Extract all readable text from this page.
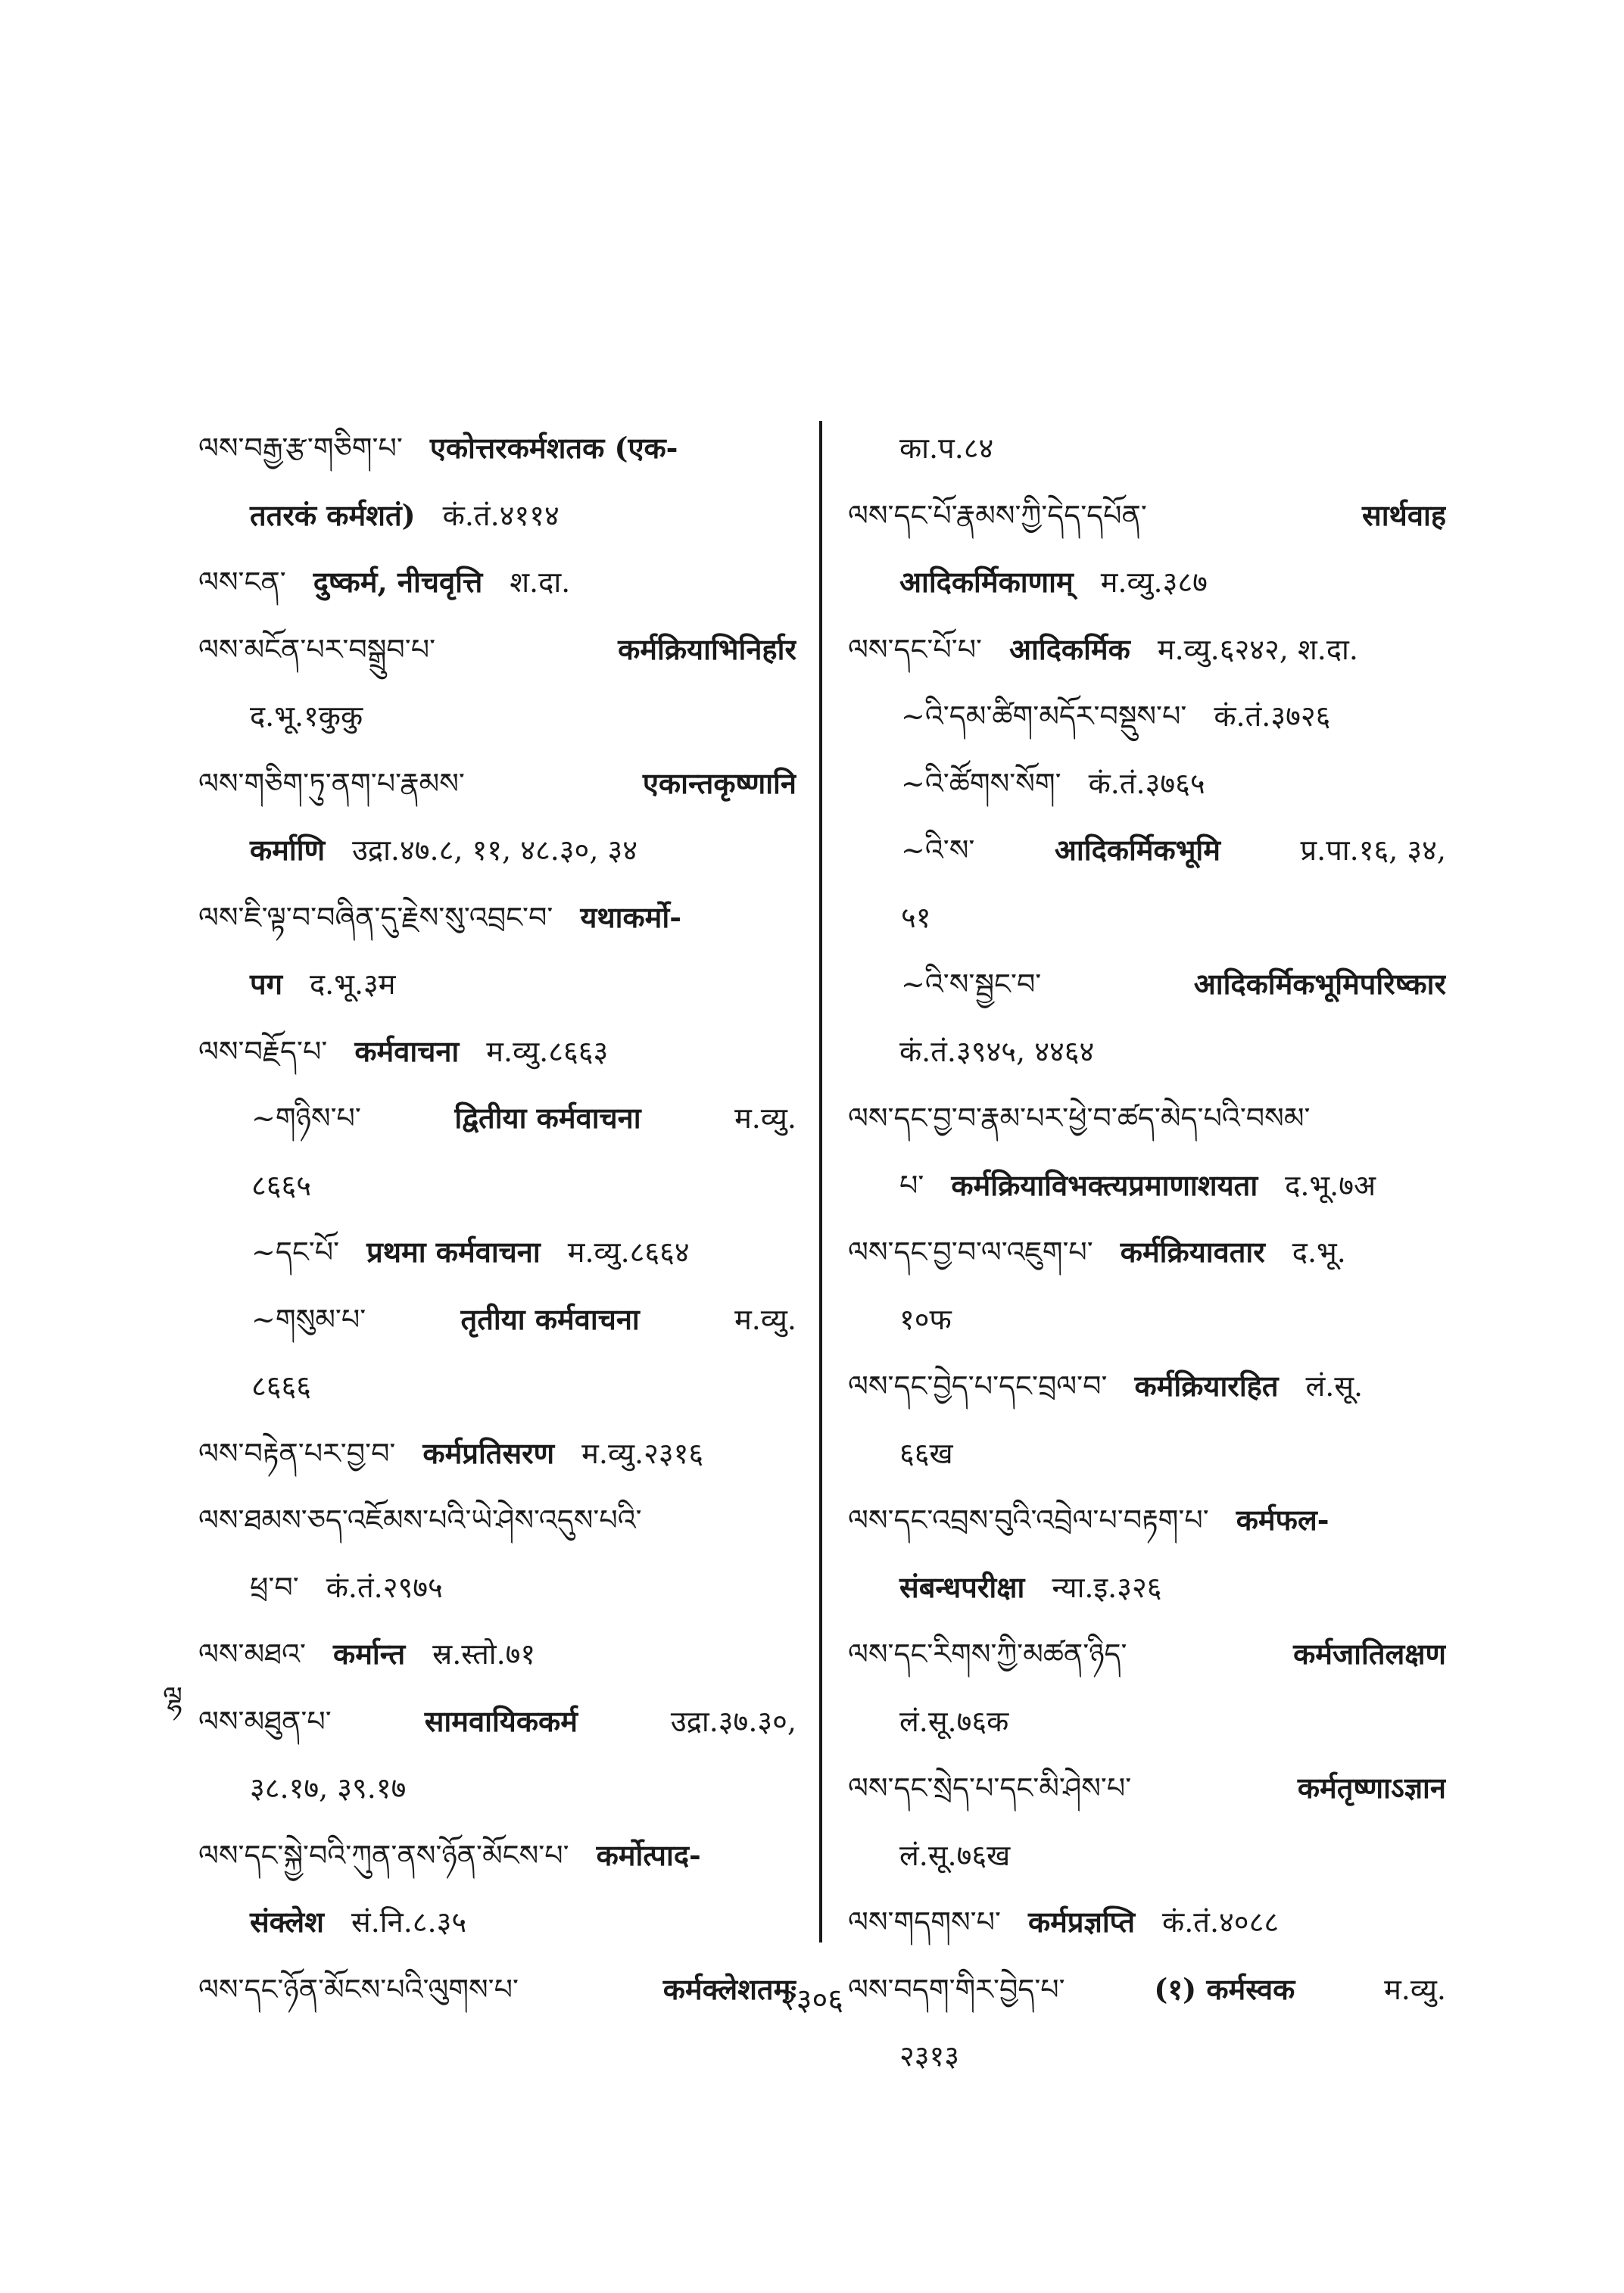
ལས་བརྒྱ་རྩ་གཅིག་པ་ एकोत्तरकर्मशतक (एक-
ततरकं कर्मशतं) कं.तं.४११४
ལས་ངན་ दुष्कर्म, नीचवृत्ति श.दा.
ལས་མངོན་པར་བསྒྲུབ་པ་	कर्मक्रियाभिनिर्हार
द.भू.१कुकु
ལས་གཅིག་ཏུ་ནག་པ་རྣམས་	एकान्तकृष्णानि
कर्माणि उद्रा.४७.८, ११, ४८.३०, ३४
ལས་ཇི་ལྟ་བ་བཞིན་དུ་རྗེས་སུ་འབྲང་བ་ यथाकर्मो-
पग द.भू.३म
ལས་བརྗོད་པ་ कर्मवाचना म.व्यु.८६६३
~གཉིས་པ་	द्वितीया कर्मवाचना	म.व्यु.
८६६५
~དང་པོ་ प्रथमा कर्मवाचना म.व्यु.८६६४
~གསུམ་པ་	तृतीया कर्मवाचना	म.व्यु.
८६६६
ལས་བརྟེན་པར་བྱ་བ་ कर्मप्रतिसरण म.व्यु.२३१६
ལས་ཐམས་ཅད་འཇོམས་པའི་ཡེ་ཤེས་འདུས་པའི་
ཕྲ་བ་ कं.तं.२९७५
ལས་མཐའ་ कर्मान्त स्र.स्तो.७१
ལས་མཐུན་པ་	सामवायिककर्म	उद्रा.३७.३०,
३८.१७, ३९.१७
ལས་དང་སྐྱེ་བའི་ཀུན་ནས་ཉོན་མོངས་པ་ कर्मोत्पाद-
संक्लेश सं.नि.८.३५
ལས་དང་ཉོན་མོངས་པའི་ལུགས་པ་	कर्मक्लेशतमः
का.प.८४
ལས་དང་པོ་རྣམས་ཀྱི་དེད་དཔོན་	सार्थवाह
आदिकर्मिकाणाम् म.व्यु.३८७
ལས་དང་པོ་པ་ आदिकर्मिक म.व्यु.६२४२, श.दा.
~འི་དམ་ཚིག་མདོར་བསྡུས་པ་ कं.तं.३७२६
~འི་ཚོགས་སོག་ कं.तं.३७६५
~འི་ས་	आदिकर्मिकभूमि	प्र.पा.१६, ३४,
५१
~འི་ས་སྦྱང་བ་	आदिकर्मिकभूमिपरिष्कार
कं.तं.३९४५, ४४६४
ལས་དང་བྱ་བ་རྣམ་པར་ཕྱེ་བ་ཚད་མེད་པའི་བསམ་
པ་ कर्मक्रियाविभक्त्यप्रमाणाशयता द.भू.७अ
ལས་དང་བྱ་བ་ལ་འཇུག་པ་ कर्मक्रियावतार द.भू.
१०फ
ལས་དང་བྱེད་པ་དང་བྲལ་བ་ कर्मक्रियारहित लं.सू.
६६ख
ལས་དང་འབྲས་བུའི་འབྲེལ་པ་བརྟག་པ་ कर्मफल-
संबन्धपरीक्षा न्या.इ.३२६
ལས་དང་རིགས་ཀྱི་མཚན་ཉིད་	कर्मजातिलक्षण
लं.सू.७६क
ལས་དང་སྲེད་པ་དང་མི་ཤེས་པ་	कर्मतृष्णाऽज्ञान
लं.सू.७६ख
ལས་གདགས་པ་ कर्मप्रज्ञप्ति कं.तं.४०८८
ལས་བདག་གིར་བྱེད་པ་	(१) कर्मस्वक	म.व्यु.
२३१३
ལྷ
२३०६
